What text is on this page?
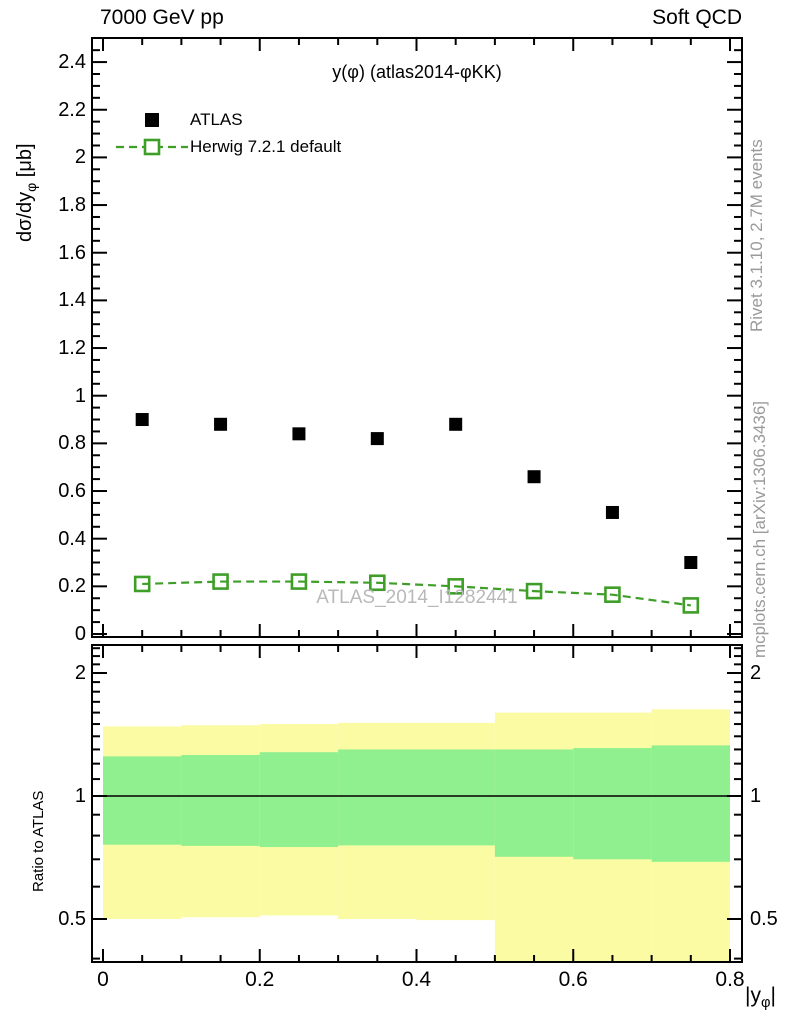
7000 GeV pp	Soft QCD
y(φ) (atlas2014-φKK)
ATLAS
Herwig 7.2.1 default
$d\sigma/dy_\varphi$ [μb]
Ratio to ATLAS
$|y_\varphi|$
ATLAS_2014_I1282441
Rivet 3.1.10, 2.7M events
mcplots.cern.ch [arXiv:1306.3436]
0
0.2
0.4
0.6
0.8
1
1.2
1.4
1.6
1.8
2
2.2
2.4
0.5	0.5
1	1
2	2
0	0.2	0.4	0.6	0.8
